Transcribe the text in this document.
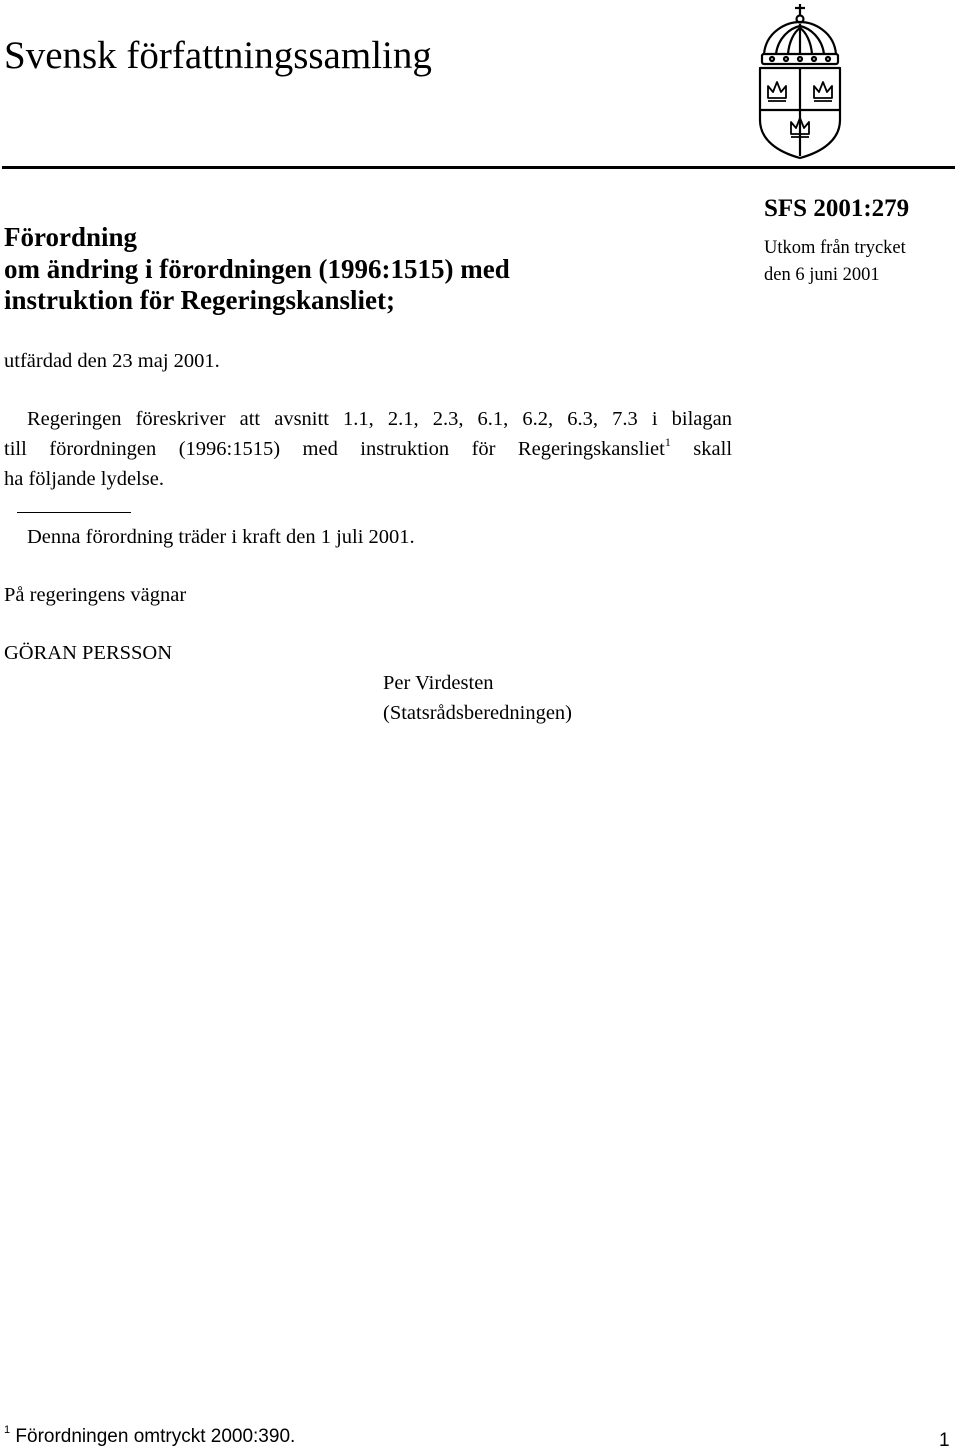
Svensk författningssamling
Förordning
om ändring i förordningen (1996:1515) med
instruktion för Regeringskansliet;
SFS 2001:279
Utkom från trycket
den 6 juni 2001
utfärdad den 23 maj 2001.
Regeringen föreskriver att avsnitt 1.1, 2.1, 2.3, 6.1, 6.2, 6.3, 7.3 i bilagan
till förordningen (1996:1515) med instruktion för Regeringskansliet$^1$ skall
ha följande lydelse.
Denna förordning träder i kraft den 1 juli 2001.
På regeringens vägnar
GÖRAN PERSSON
Per Virdesten
(Statsrådsberedningen)
$^1$ Förordningen omtryckt 2000:390.	1
